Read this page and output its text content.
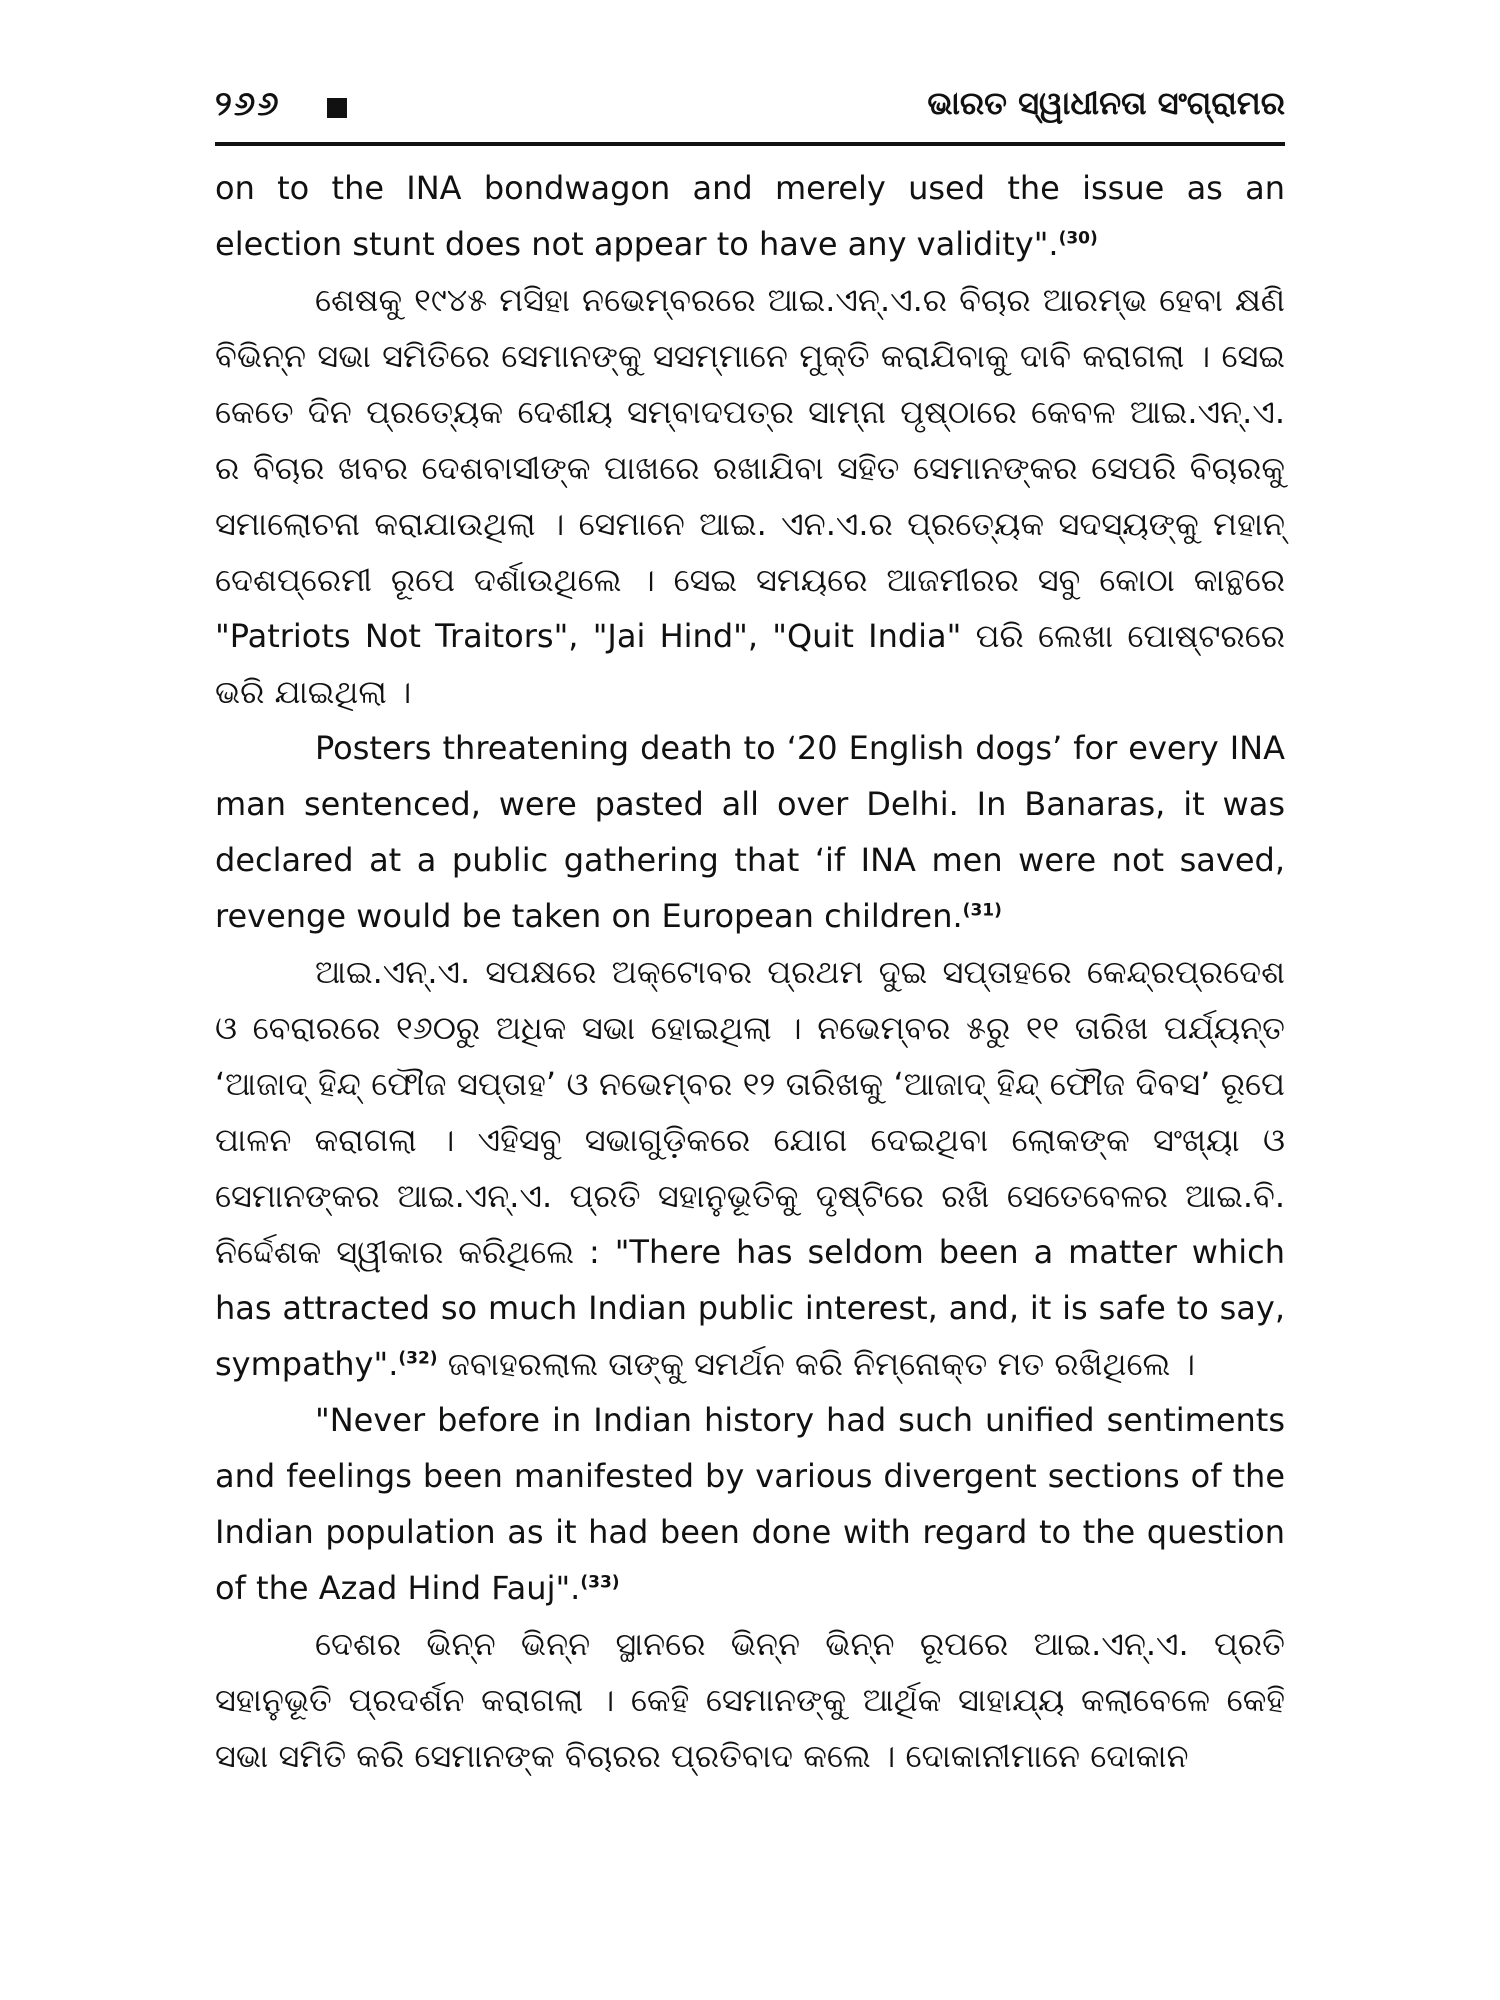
୨୬୬	ଭାରତ ସ୍ୱାଧୀନତା ସଂଗ୍ରାମର

on to the INA bondwagon and merely used the issue as an election stunt does not appear to have any validity".$^{(30)}$

ଶେଷକୁ ୧୯୪୫ ମସିହା ନଭେମ୍ବରରେ ଆଇ.ଏନ୍.ଏ.ର ବିଚାର ଆରମ୍ଭ ହେବା କ୍ଷଣି ବିଭିନ୍ନ ସଭା ସମିତିରେ ସେମାନଙ୍କୁ ସସମ୍ମାନେ ମୁକ୍ତି କରାଯିବାକୁ ଦାବି କରାଗଲା । ସେଇ କେତେ ଦିନ ପ୍ରତ୍ୟେକ ଦେଶୀୟ ସମ୍ବାଦପତ୍ର ସାମ୍ନା ପୃଷ୍ଠାରେ କେବଳ ଆଇ.ଏନ୍.ଏ. ର ବିଚାର ଖବର ଦେଶବାସୀଙ୍କ ପାଖରେ ରଖାଯିବା ସହିତ ସେମାନଙ୍କର ସେପରି ବିଚାରକୁ ସମାଲୋଚନା କରାଯାଉଥିଲା । ସେମାନେ ଆଇ. ଏନ.ଏ.ର ପ୍ରତ୍ୟେକ ସଦସ୍ୟଙ୍କୁ ମହାନ୍ ଦେଶପ୍ରେମୀ ରୂପେ ଦର୍ଶାଉଥିଲେ । ସେଇ ସମୟରେ ଆଜମୀରର ସବୁ କୋଠା କାନ୍ଥରେ "Patriots Not Traitors", "Jai Hind", "Quit India" ପରି ଲେଖା ପୋଷ୍ଟରରେ ଭରି ଯାଇଥିଲା ।

Posters threatening death to ‘20 English dogs’ for every INA man sentenced, were pasted all over Delhi. In Banaras, it was declared at a public gathering that ‘if INA men were not saved, revenge would be taken on European children.$^{(31)}$

ଆଇ.ଏନ୍.ଏ. ସପକ୍ଷରେ ଅକ୍ଟୋବର ପ୍ରଥମ ଦୁଇ ସପ୍ତାହରେ କେନ୍ଦ୍ରପ୍ରଦେଶ ଓ ବେରାରରେ ୧୬୦ରୁ ଅଧିକ ସଭା ହୋଇଥିଲା । ନଭେମ୍ବର ୫ରୁ ୧୧ ତାରିଖ ପର୍ଯ୍ୟନ୍ତ ‘ଆଜାଦ୍ ହିନ୍ଦ୍ ଫୌଜ ସପ୍ତାହ’ ଓ ନଭେମ୍ବର ୧୨ ତାରିଖକୁ ‘ଆଜାଦ୍ ହିନ୍ଦ୍ ଫୌଜ ଦିବସ’ ରୂପେ ପାଳନ କରାଗଲା । ଏହିସବୁ ସଭାଗୁଡ଼ିକରେ ଯୋଗ ଦେଇଥିବା ଲୋକଙ୍କ ସଂଖ୍ୟା ଓ ସେମାନଙ୍କର ଆଇ.ଏନ୍.ଏ. ପ୍ରତି ସହାନୁଭୂତିକୁ ଦୃଷ୍ଟିରେ ରଖି ସେତେବେଳର ଆଇ.ବି. ନିର୍ଦ୍ଦେଶକ ସ୍ୱୀକାର କରିଥିଲେ : "There has seldom been a matter which has attracted so much Indian public interest, and, it is safe to say, sympathy".$^{(32)}$ ଜବାହରଲାଲ ତାଙ୍କୁ ସମର୍ଥନ କରି ନିମ୍ନୋକ୍ତ ମତ ରଖିଥିଲେ ।

"Never before in Indian history had such unified sentiments and feelings been manifested by various divergent sections of the Indian population as it had been done with regard to the question of the Azad Hind Fauj".$^{(33)}$

ଦେଶର ଭିନ୍ନ ଭିନ୍ନ ସ୍ଥାନରେ ଭିନ୍ନ ଭିନ୍ନ ରୂପରେ ଆଇ.ଏନ୍.ଏ. ପ୍ରତି ସହାନୁଭୂତି ପ୍ରଦର୍ଶନ କରାଗଲା । କେହି ସେମାନଙ୍କୁ ଆର୍ଥିକ ସାହାଯ୍ୟ କଲାବେଳେ କେହି ସଭା ସମିତି କରି ସେମାନଙ୍କ ବିଚାରର ପ୍ରତିବାଦ କଲେ । ଦୋକାନୀମାନେ ଦୋକାନ
